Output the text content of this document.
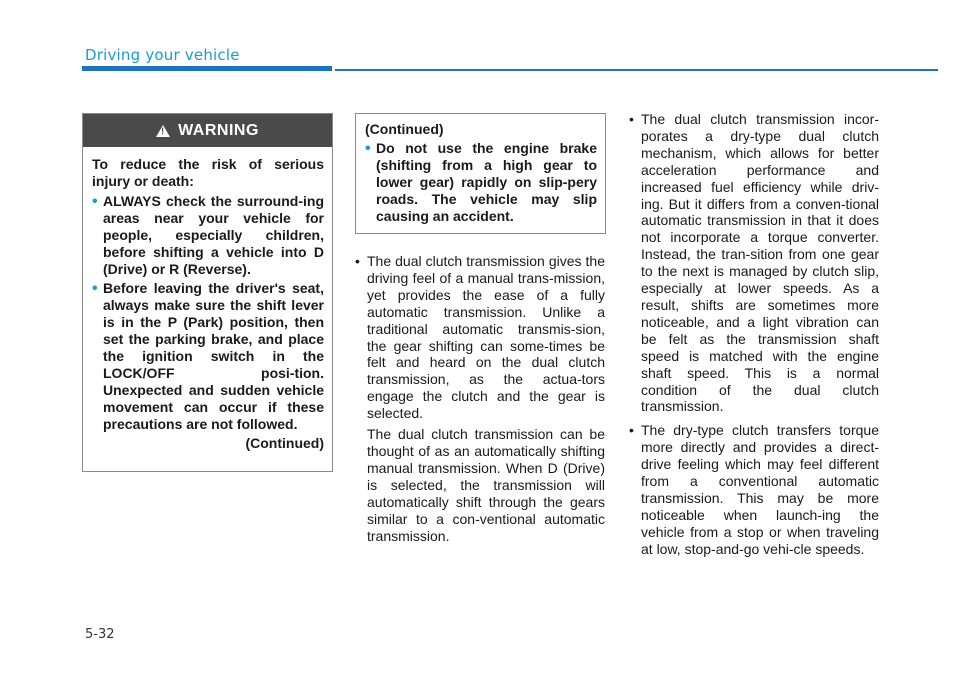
Driving your vehicle
!
WARNING

To reduce the risk of serious injury or death:

• ALWAYS check the surround-ing areas near your vehicle for people, especially children, before shifting a vehicle into D (Drive) or R (Reverse).
• Before leaving the driver's seat, always make sure the shift lever is in the P (Park) position, then set the parking brake, and place the ignition switch in the LOCK/OFF posi-tion. Unexpected and sudden vehicle movement can occur if these precautions are not followed.
(Continued)
(Continued)
• Do not use the engine brake (shifting from a high gear to lower gear) rapidly on slip-pery roads. The vehicle may slip causing an accident.
• The dual clutch transmission gives the driving feel of a manual trans-mission, yet provides the ease of a fully automatic transmission. Unlike a traditional automatic transmis-sion, the gear shifting can some-times be felt and heard on the dual clutch transmission, as the actua-tors engage the clutch and the gear is selected.
The dual clutch transmission can be thought of as an automatically shifting manual transmission. When D (Drive) is selected, the transmission will automatically shift through the gears similar to a con-ventional automatic transmission.
• The dual clutch transmission incor-porates a dry-type dual clutch mechanism, which allows for better acceleration performance and increased fuel efficiency while driv-ing. But it differs from a conven-tional automatic transmission in that it does not incorporate a torque converter. Instead, the tran-sition from one gear to the next is managed by clutch slip, especially at lower speeds. As a result, shifts are sometimes more noticeable, and a light vibration can be felt as the transmission shaft speed is matched with the engine shaft speed. This is a normal condition of the dual clutch transmission.
• The dry-type clutch transfers torque more directly and provides a direct-drive feeling which may feel different from a conventional automatic transmission. This may be more noticeable when launch-ing the vehicle from a stop or when traveling at low, stop-and-go vehi-cle speeds.
5-32
